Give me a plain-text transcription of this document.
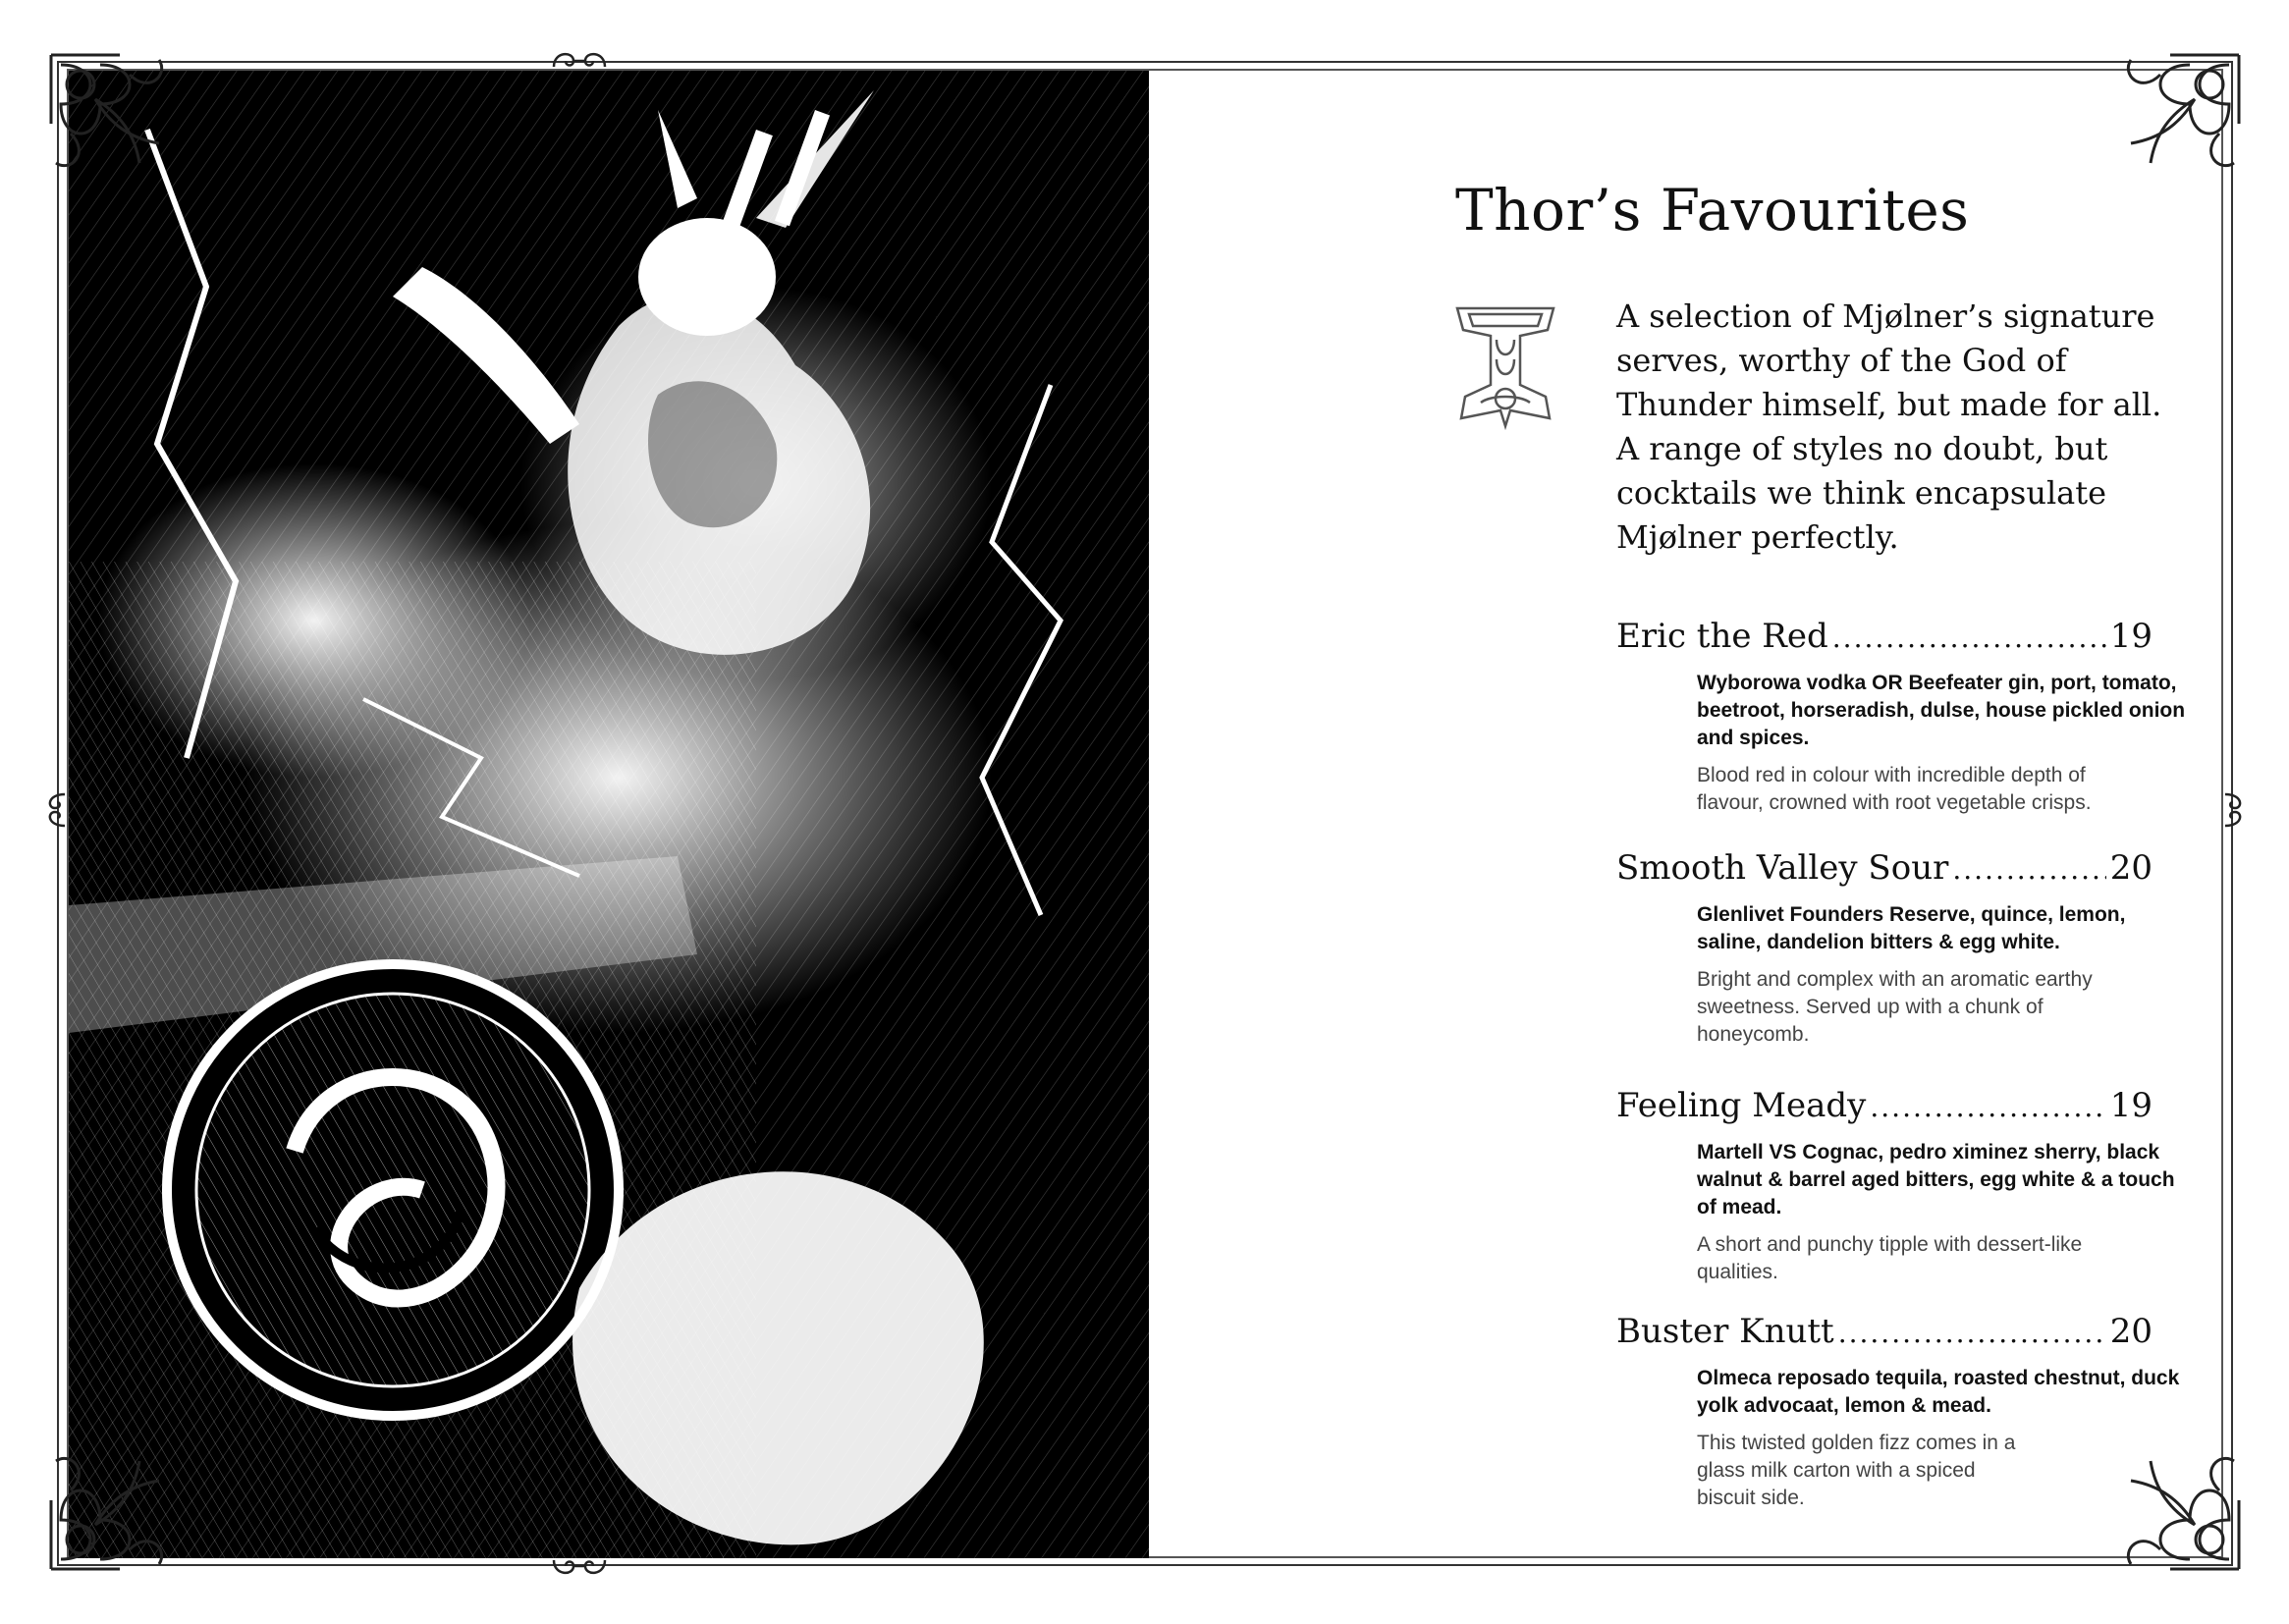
Thor’s Favourites

A selection of Mjølner’s signature serves, worthy of the God of Thunder himself, but made for all. A range of styles no doubt, but cocktails we think encapsulate Mjølner perfectly.

Eric the Red .....	19
Wyborowa vodka OR Beefeater gin, port, tomato, beetroot, horseradish, dulse, house pickled onion and spices.
Blood red in colour with incredible depth of flavour, crowned with root vegetable crisps.
Smooth Valley Sour .....	20
Glenlivet Founders Reserve, quince, lemon, saline, dandelion bitters & egg white.
Bright and complex with an aromatic earthy sweetness. Served up with a chunk of honeycomb.
Feeling Meady .....	19
Martell VS Cognac, pedro ximinez sherry, black walnut & barrel aged bitters, egg white & a touch of mead.
A short and punchy tipple with dessert-like qualities.
Buster Knutt .....	20
Olmeca reposado tequila, roasted chestnut, duck yolk advocaat, lemon & mead.
This twisted golden fizz comes in a glass milk carton with a spiced biscuit side.
